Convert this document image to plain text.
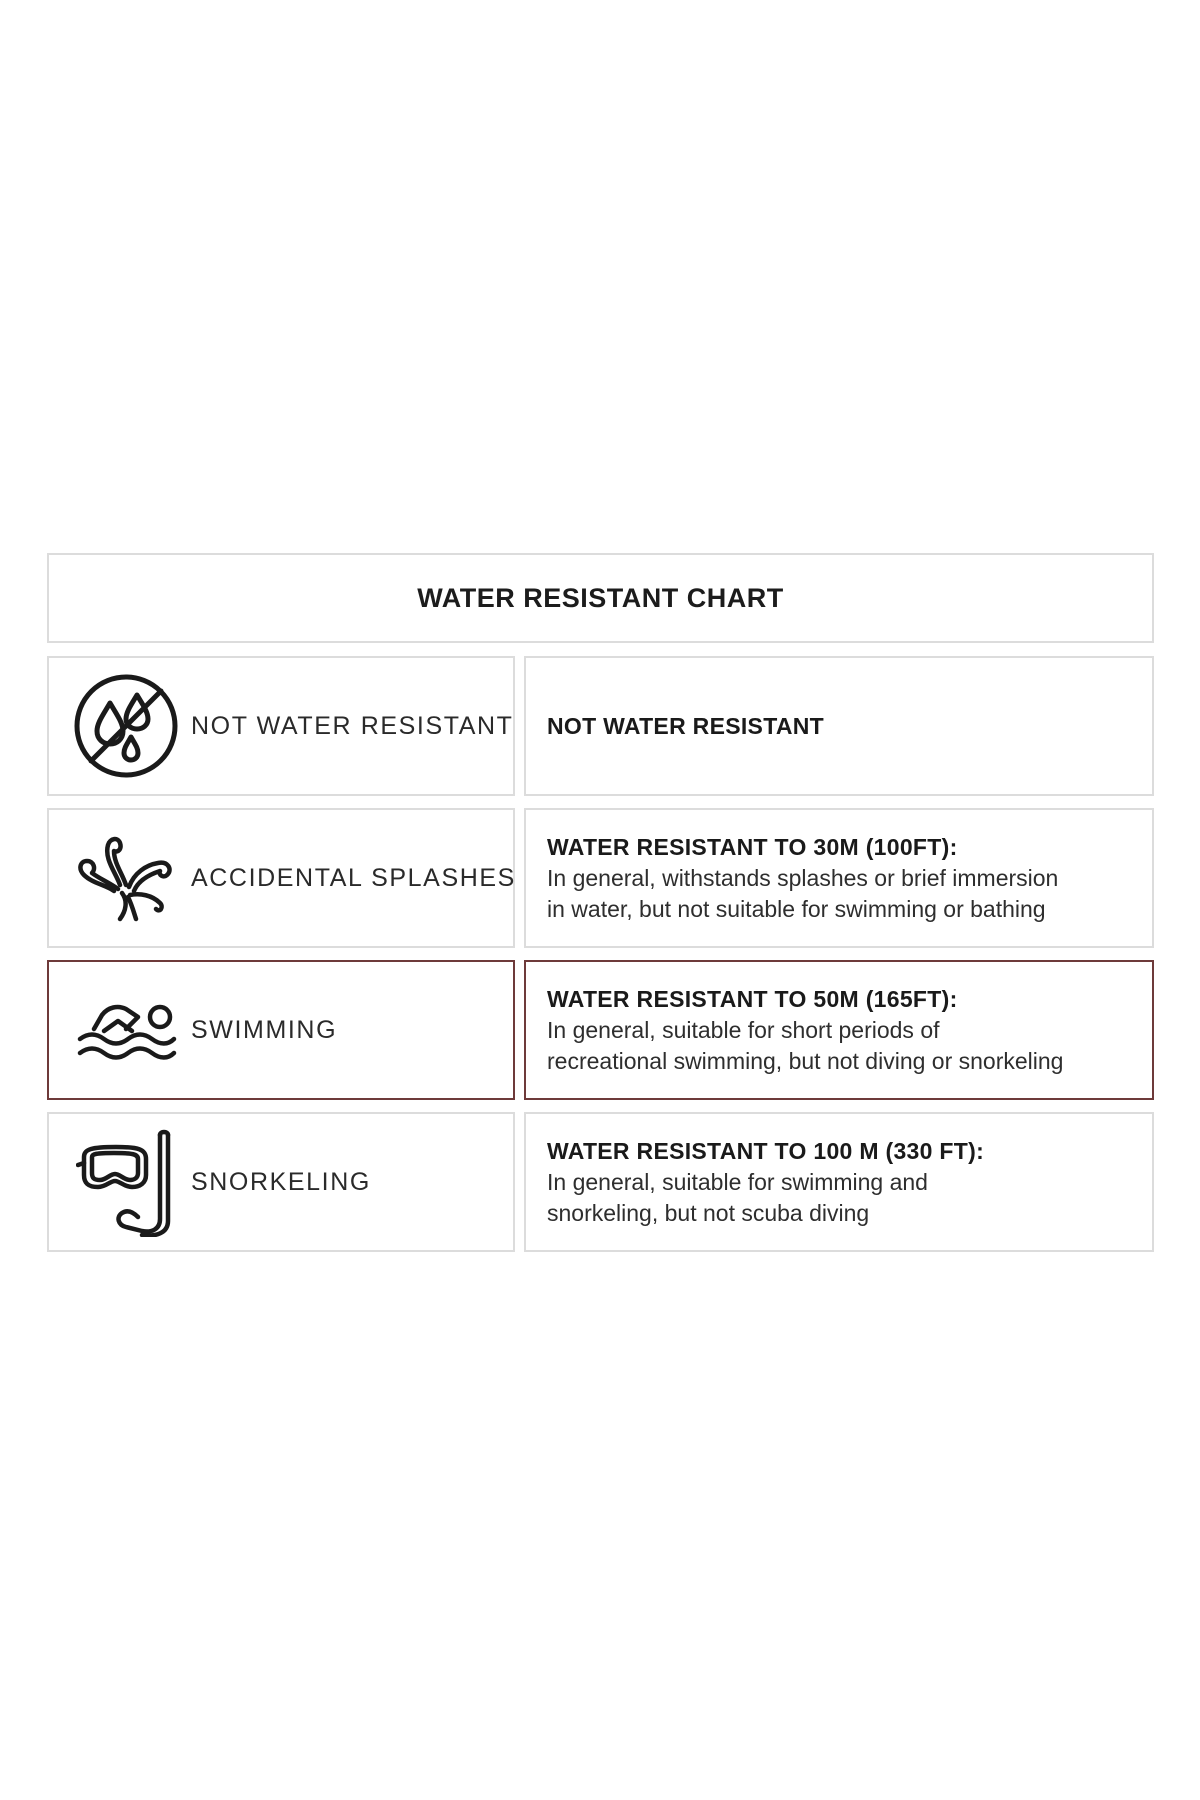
WATER RESISTANT CHART
NOT WATER RESISTANT NOT WATER RESISTANT
ACCIDENTAL SPLASHES
WATER RESISTANT TO 30M (100FT):
In general, withstands splashes or brief immersion
in water, but not suitable for swimming or bathing
SWIMMING
WATER RESISTANT TO 50M (165FT):
In general, suitable for short periods of
recreational swimming, but not diving or snorkeling
SNORKELING
WATER RESISTANT TO 100 M (330 FT):
In general, suitable for swimming and
snorkeling, but not scuba diving
